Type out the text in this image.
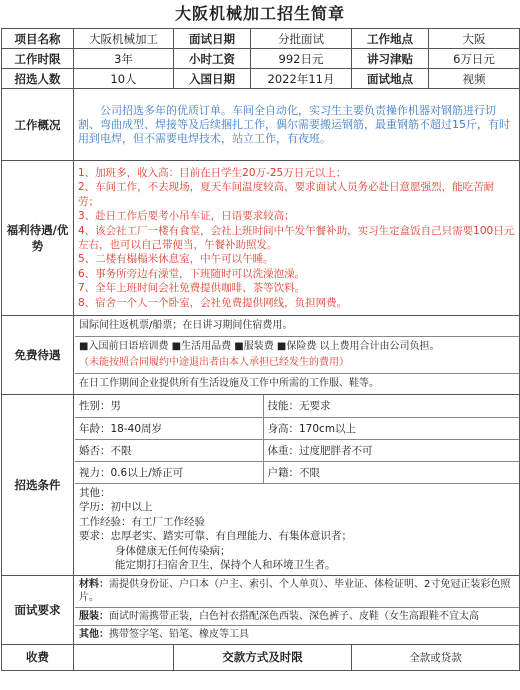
大阪机械加工招生简章
项目名称	大阪机械加工	面试日期	分批面试	工作地点	大阪
工作时限	3年	小时工资	992日元	讲习津贴	6万日元
招选人数	10人	入国日期	2022年11月	面试地点	视频
工作概况	公司招选多年的优质订单。车间全自动化，实习生主要负责操作机器对钢筋进行切割、弯曲成型、焊接等及后续捆扎工作，偶尔需要搬运钢筋，最重钢筋不超过15斤，有时用到电焊，但不需要电焊技术，站立工作，有夜班。
福利待遇/优势	
1、加班多，收入高：目前在日学生20万-25万日元以上；
2、车间工作，不去现场，夏天车间温度较高，要求面试人员务必赴日意愿强烈，能吃苦耐劳；
3、赴日工作后要考小吊车证，日语要求较高；
4、该会社工厂一楼有食堂，会社上班时间中午发午餐补助，实习生定盒饭自己只需要100日元左右，也可以自己带便当，午餐补助照发。
5、二楼有榻榻米休息室，中午可以午睡。
6、事务所旁边有澡堂，下班随时可以洗澡泡澡。
7、全年上班时间会社免费提供咖啡、茶等饮料。
8、宿舍一个人一个卧室，会社免费提供网线，负担网费。

免费待遇	
国际间往返机票/船票；在日讲习期间住宿费用。

■入国前日语培训费 ■生活用品费 ■服装费 ■保险费 以上费用合计由公司负担。
（未能按照合同履约中途退出者由本人承担已经发生的费用）

在日工作期间企业提供所有生活设施及工作中所需的工作服、鞋等。

招选条件	
性别：男	技能：无要求
年龄：18-40周岁	身高：170cm以上
婚否：不限	体重：过度肥胖者不可
视力：0.6以上/矫正可	户籍：不限

其他：
学历：初中以上
工作经验：有工厂工作经验
要求：忠厚老实、踏实可靠、有自理能力、有集体意识者；
身体健康无任何传染病；
能定期打扫宿舍卫生，保持个人和环境卫生者。

面试要求	
材料：需提供身份证、户口本（户主、索引、个人单页）、毕业证、体检证明、2寸免冠正装彩色照片。

服装：面试时需携带正装，白色衬衣搭配深色西装、深色裤子、皮鞋（女生高跟鞋不宜太高

其他：携带签字笔、铅笔、橡皮等工具

收费		交款方式及时限	全款或贷款
